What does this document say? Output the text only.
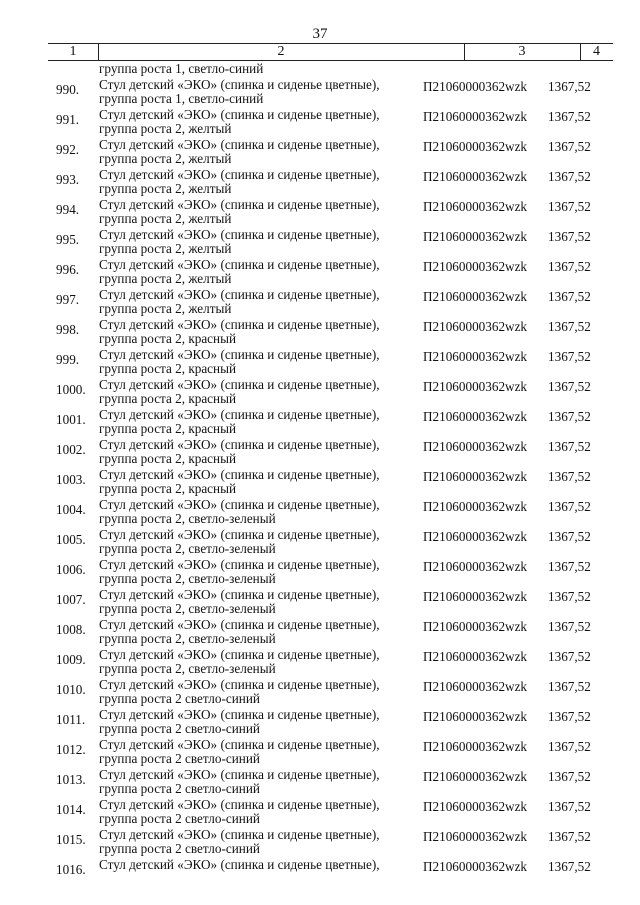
37
1	2	3	4
группа роста 1, светло-синий
990. Стул детский «ЭКО» (спинка и сиденье цветные),
группа роста 1, светло-синий
П21060000362wzk 1367,52
991. Стул детский «ЭКО» (спинка и сиденье цветные),
группа роста 2, желтый
П21060000362wzk 1367,52
992. Стул детский «ЭКО» (спинка и сиденье цветные),
группа роста 2, желтый
П21060000362wzk 1367,52
993. Стул детский «ЭКО» (спинка и сиденье цветные),
группа роста 2, желтый
П21060000362wzk 1367,52
994. Стул детский «ЭКО» (спинка и сиденье цветные),
группа роста 2, желтый
П21060000362wzk 1367,52
995. Стул детский «ЭКО» (спинка и сиденье цветные),
группа роста 2, желтый
П21060000362wzk 1367,52
996. Стул детский «ЭКО» (спинка и сиденье цветные),
группа роста 2, желтый
П21060000362wzk 1367,52
997. Стул детский «ЭКО» (спинка и сиденье цветные),
группа роста 2, желтый
П21060000362wzk 1367,52
998. Стул детский «ЭКО» (спинка и сиденье цветные),
группа роста 2, красный
П21060000362wzk 1367,52
999. Стул детский «ЭКО» (спинка и сиденье цветные),
группа роста 2, красный
П21060000362wzk 1367,52
1000. Стул детский «ЭКО» (спинка и сиденье цветные),
группа роста 2, красный
П21060000362wzk 1367,52
1001. Стул детский «ЭКО» (спинка и сиденье цветные),
группа роста 2, красный
П21060000362wzk 1367,52
1002. Стул детский «ЭКО» (спинка и сиденье цветные),
группа роста 2, красный
П21060000362wzk 1367,52
1003. Стул детский «ЭКО» (спинка и сиденье цветные),
группа роста 2, красный
П21060000362wzk 1367,52
1004. Стул детский «ЭКО» (спинка и сиденье цветные),
группа роста 2, светло-зеленый
П21060000362wzk 1367,52
1005. Стул детский «ЭКО» (спинка и сиденье цветные),
группа роста 2, светло-зеленый
П21060000362wzk 1367,52
1006. Стул детский «ЭКО» (спинка и сиденье цветные),
группа роста 2, светло-зеленый
П21060000362wzk 1367,52
1007. Стул детский «ЭКО» (спинка и сиденье цветные),
группа роста 2, светло-зеленый
П21060000362wzk 1367,52
1008. Стул детский «ЭКО» (спинка и сиденье цветные),
группа роста 2, светло-зеленый
П21060000362wzk 1367,52
1009. Стул детский «ЭКО» (спинка и сиденье цветные),
группа роста 2, светло-зеленый
П21060000362wzk 1367,52
1010. Стул детский «ЭКО» (спинка и сиденье цветные),
группа роста 2 светло-синий
П21060000362wzk 1367,52
1011. Стул детский «ЭКО» (спинка и сиденье цветные),
группа роста 2 светло-синий
П21060000362wzk 1367,52
1012. Стул детский «ЭКО» (спинка и сиденье цветные),
группа роста 2 светло-синий
П21060000362wzk 1367,52
1013. Стул детский «ЭКО» (спинка и сиденье цветные),
группа роста 2 светло-синий
П21060000362wzk 1367,52
1014. Стул детский «ЭКО» (спинка и сиденье цветные),
группа роста 2 светло-синий
П21060000362wzk 1367,52
1015. Стул детский «ЭКО» (спинка и сиденье цветные),
группа роста 2 светло-синий
П21060000362wzk 1367,52
1016. Стул детский «ЭКО» (спинка и сиденье цветные),	П21060000362wzk 1367,52
